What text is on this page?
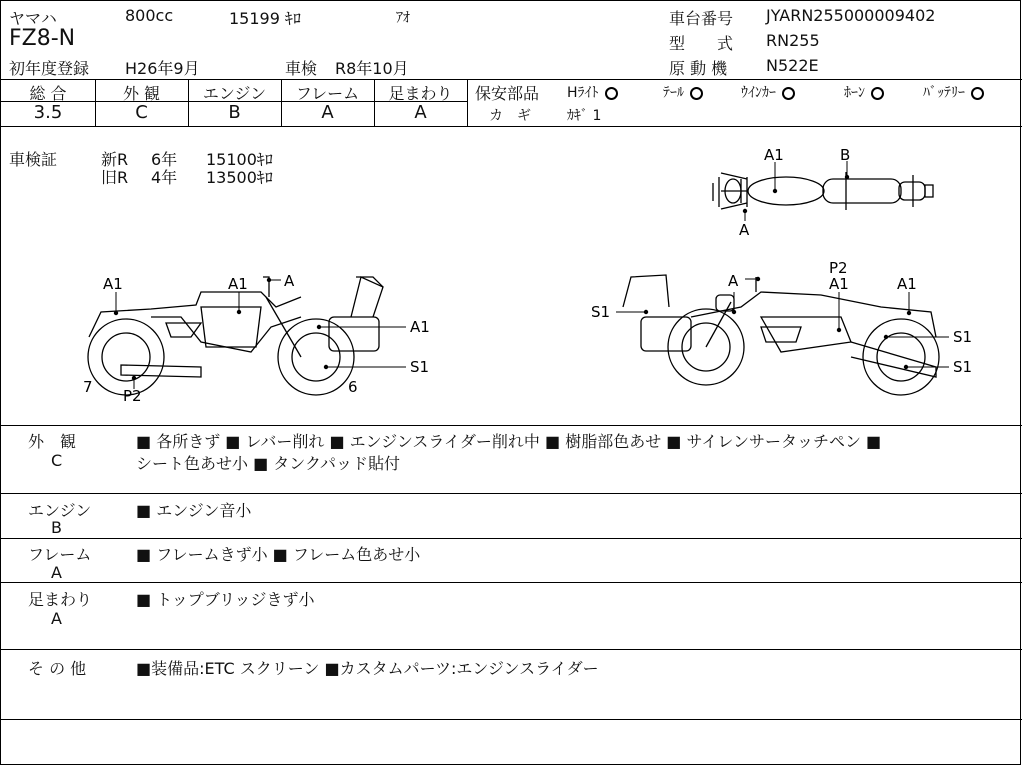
ヤマハ	800cc	15199 ｷﾛ	ｱｵ
FZ8-N
初年度登録 H26年9月	車検 R8年10月
車台番号 JYARN255000009402
型　　式 RN255
原 動 機 N522E
総 合	外 観	エンジン	フレーム	足まわり
3.5	C	B	A	A
保安部品 Hﾗｲﾄ	ﾃｰﾙ	ｳｲﾝｶｰ	ﾎｰﾝ	ﾊﾞｯﾃﾘｰ
カ　ギ	ｶｷﾞ 1
車検証	新R 6年 15100ｷﾛ
旧R 4年 13500ｷﾛ
A1	B
A
A1	A1 A
A1
S1
P2
7	6
A
P2
A1	A1
S1
S1
S1
外　観
C
■ 各所きず ■ レバー削れ ■ エンジンスライダー削れ中 ■ 樹脂部色あせ ■ サイレンサータッチペン ■
シート色あせ小 ■ タンクパッド貼付
エンジン
B
■ エンジン音小
フレーム
A
■ フレームきず小 ■ フレーム色あせ小
足まわり
A
■ トップブリッジきず小
そ の 他	■装備品:ETC スクリーン ■カスタムパーツ:エンジンスライダー
